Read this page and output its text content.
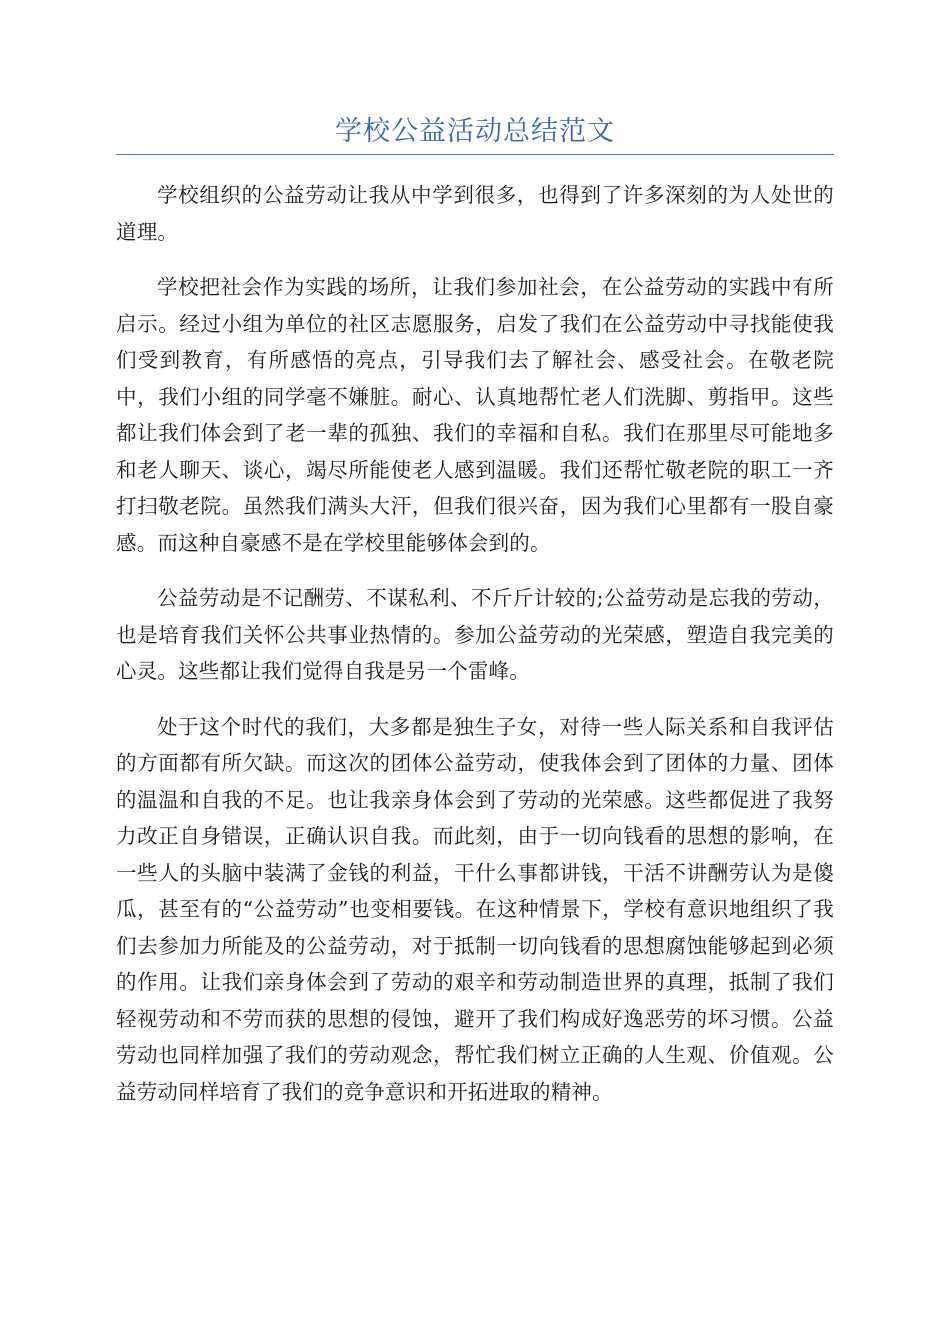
学校公益活动总结范文

学校组织的公益劳动让我从中学到很多，也得到了许多深刻的为人处世的道理。

学校把社会作为实践的场所，让我们参加社会，在公益劳动的实践中有所启示。经过小组为单位的社区志愿服务，启发了我们在公益劳动中寻找能使我们受到教育，有所感悟的亮点，引导我们去了解社会、感受社会。在敬老院中，我们小组的同学毫不嫌脏。耐心、认真地帮忙老人们洗脚、剪指甲。这些都让我们体会到了老一辈的孤独、我们的幸福和自私。我们在那里尽可能地多和老人聊天、谈心，竭尽所能使老人感到温暖。我们还帮忙敬老院的职工一齐打扫敬老院。虽然我们满头大汗，但我们很兴奋，因为我们心里都有一股自豪感。而这种自豪感不是在学校里能够体会到的。

公益劳动是不记酬劳、不谋私利、不斤斤计较的;公益劳动是忘我的劳动，也是培育我们关怀公共事业热情的。参加公益劳动的光荣感，塑造自我完美的心灵。这些都让我们觉得自我是另一个雷峰。

处于这个时代的我们，大多都是独生子女，对待一些人际关系和自我评估的方面都有所欠缺。而这次的团体公益劳动，使我体会到了团体的力量、团体的温温和自我的不足。也让我亲身体会到了劳动的光荣感。这些都促进了我努力改正自身错误，正确认识自我。而此刻，由于一切向钱看的思想的影响，在一些人的头脑中装满了金钱的利益，干什么事都讲钱，干活不讲酬劳认为是傻瓜，甚至有的“公益劳动”也变相要钱。在这种情景下，学校有意识地组织了我们去参加力所能及的公益劳动，对于抵制一切向钱看的思想腐蚀能够起到必须的作用。让我们亲身体会到了劳动的艰辛和劳动制造世界的真理，抵制了我们轻视劳动和不劳而获的思想的侵蚀，避开了我们构成好逸恶劳的坏习惯。公益劳动也同样加强了我们的劳动观念，帮忙我们树立正确的人生观、价值观。公益劳动同样培育了我们的竞争意识和开拓进取的精神。
